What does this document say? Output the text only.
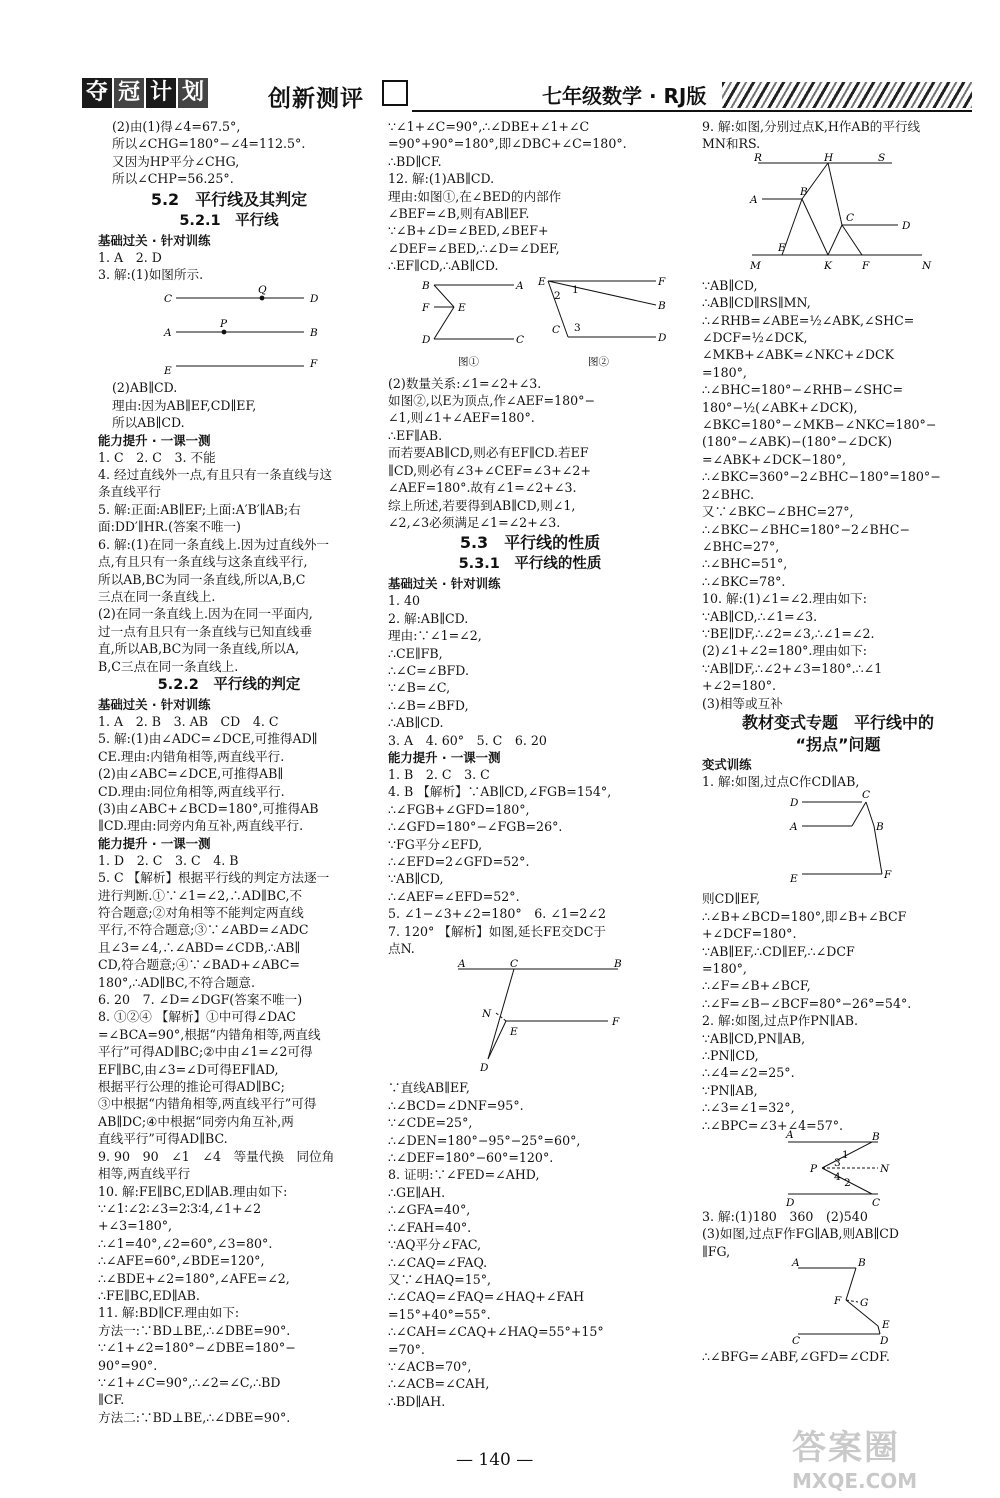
夺 冠 计 划	创新测评	七年级数学 · RJ版
(2)由(1)得∠4=67.5°,
所以∠CHG=180°−∠4=112.5°.
又因为HP平分∠CHG,
所以∠CHP=56.25°.
5.2　平行线及其判定
5.2.1　平行线
基础过关 · 针对训练
1. A　2. D
3. 解:(1)如图所示.
C
Q
D
A
P
B
E
F
(2)AB∥CD.
理由:因为AB∥EF,CD∥EF,
所以AB∥CD.
能力提升 · 一课一测
1. C　2. C　3. 不能
4. 经过直线外一点,有且只有一条直线与这
条直线平行
5. 解:正面:AB∥EF;上面:A′B′∥AB;右
面:DD′∥HR.(答案不唯一)
6. 解:(1)在同一条直线上.因为过直线外一
点,有且只有一条直线与这条直线平行,
所以AB,BC为同一条直线,所以A,B,C
三点在同一条直线上.
(2)在同一条直线上.因为在同一平面内,
过一点有且只有一条直线与已知直线垂
直,所以AB,BC为同一条直线,所以A,
B,C三点在同一条直线上.
5.2.2　平行线的判定
基础过关 · 针对训练
1. A　2. B　3. AB　CD　4. C
5. 解:(1)由∠ADC=∠DCE,可推得AD∥
CE.理由:内错角相等,两直线平行.
(2)由∠ABC=∠DCE,可推得AB∥
CD.理由:同位角相等,两直线平行.
(3)由∠ABC+∠BCD=180°,可推得AB
∥CD.理由:同旁内角互补,两直线平行.
能力提升 · 一课一测
1. D　2. C　3. C　4. B
5. C 【解析】根据平行线的判定方法逐一
进行判断.①∵∠1=∠2,∴AD∥BC,不
符合题意;②对角相等不能判定两直线
平行,不符合题意;③∵∠ABD=∠ADC
且∠3=∠4,∴∠ABD=∠CDB,∴AB∥
CD,符合题意;④∵∠BAD+∠ABC=
180°,∴AD∥BC,不符合题意.
6. 20　7. ∠D=∠DGF(答案不唯一)
8. ①②④ 【解析】①中可得∠DAC
=∠BCA=90°,根据“内错角相等,两直线
平行”可得AD∥BC;②中由∠1=∠2可得
EF∥BC,由∠3=∠D可得EF∥AD,
根据平行公理的推论可得AD∥BC;
③中根据“内错角相等,两直线平行”可得
AB∥DC;④中根据“同旁内角互补,两
直线平行”可得AD∥BC.
9. 90　90　∠1　∠4　等量代换　同位角
相等,两直线平行
10. 解:FE∥BC,ED∥AB.理由如下:
∵∠1∶∠2∶∠3=2∶3∶4,∠1+∠2
+∠3=180°,
∴∠1=40°,∠2=60°,∠3=80°.
∴∠AFE=60°,∠BDE=120°,
∴∠BDE+∠2=180°,∠AFE=∠2,
∴FE∥BC,ED∥AB.
11. 解:BD∥CF.理由如下:
方法一:∵BD⊥BE,∴∠DBE=90°.
∵∠1+∠2=180°−∠DBE=180°−
90°=90°.
∵∠1+∠C=90°,∴∠2=∠C,∴BD
∥CF.
方法二:∵BD⊥BE,∴∠DBE=90°.
∵∠1+∠C=90°,∴∠DBE+∠1+∠C
=90°+90°=180°,即∠DBC+∠C=180°.
∴BD∥CF.
12. 解:(1)AB∥CD.
理由:如图①,在∠BED的内部作
∠BEF=∠B,则有AB∥EF.
∵∠B+∠D=∠BED,∠BEF+
∠DEF=∠BED,∴∠D=∠DEF,
∴EF∥CD,∴AB∥CD.
B	A
F	E
D	C
图①
E	F
B
D
C
2 1
3
图②
(2)数量关系:∠1=∠2+∠3.
如图②,以E为顶点,作∠AEF=180°−
∠1,则∠1+∠AEF=180°.
∴EF∥AB.
而若要AB∥CD,则必有EF∥CD.若EF
∥CD,则必有∠3+∠CEF=∠3+∠2+
∠AEF=180°.故有∠1=∠2+∠3.
综上所述,若要得到AB∥CD,则∠1,
∠2,∠3必须满足∠1=∠2+∠3.
5.3　平行线的性质
5.3.1　平行线的性质
基础过关 · 针对训练
1. 40
2. 解:AB∥CD.
理由:∵∠1=∠2,
∴CE∥FB,
∴∠C=∠BFD.
∵∠B=∠C,
∴∠B=∠BFD,
∴AB∥CD.
3. A　4. 60°　5. C　6. 20
能力提升 · 一课一测
1. B　2. C　3. C
4. B 【解析】∵AB∥CD,∠FGB=154°,
∴∠FGB+∠GFD=180°,
∴∠GFD=180°−∠FGB=26°.
∵FG平分∠EFD,
∴∠EFD=2∠GFD=52°.
∵AB∥CD,
∴∠AEF=∠EFD=52°.
5. ∠1−∠3+∠2=180°　6. ∠1=2∠2
7. 120° 【解析】如图,延长FE交DC于
点N.
A	C	B
N
E
F
D
∵直线AB∥EF,
∴∠BCD=∠DNF=95°.
∵∠CDE=25°,
∴∠DEN=180°−95°−25°=60°,
∴∠DEF=180°−60°=120°.
8. 证明:∵∠FED=∠AHD,
∴GE∥AH.
∴∠GFA=40°,
∴∠FAH=40°.
∵AQ平分∠FAC,
∴∠CAQ=∠FAQ.
又∵∠HAQ=15°,
∴∠CAQ=∠FAQ=∠HAQ+∠FAH
=15°+40°=55°.
∴∠CAH=∠CAQ+∠HAQ=55°+15°
=70°.
∵∠ACB=70°,
∴∠ACB=∠CAH,
∴BD∥AH.
9. 解:如图,分别过点K,H作AB的平行线
MN和RS.
R	H	S
A
B
C
D
E
M	K	F	N
∵AB∥CD,
∴AB∥CD∥RS∥MN,
∴∠RHB=∠ABE=½∠ABK,∠SHC=
∠DCF=½∠DCK,
∠MKB+∠ABK=∠NKC+∠DCK
=180°,
∴∠BHC=180°−∠RHB−∠SHC=
180°−½(∠ABK+∠DCK),
∠BKC=180°−∠MKB−∠NKC=180°−
(180°−∠ABK)−(180°−∠DCK)
=∠ABK+∠DCK−180°,
∴∠BKC=360°−2∠BHC−180°=180°−
2∠BHC.
又∵∠BKC−∠BHC=27°,
∴∠BKC−∠BHC=180°−2∠BHC−
∠BHC=27°,
∴∠BHC=51°,
∴∠BKC=78°.
10. 解:(1)∠1=∠2.理由如下:
∵AB∥CD,∴∠1=∠3.
∵BE∥DF,∴∠2=∠3,∴∠1=∠2.
(2)∠1+∠2=180°.理由如下:
∵AB∥DF,∴∠2+∠3=180°.∴∠1
+∠2=180°.
(3)相等或互补
教材变式专题　平行线中的
“拐点”问题
变式训练
1. 解:如图,过点C作CD∥AB,
D
C
A	B
E	F
则CD∥EF,
∴∠B+∠BCD=180°,即∠B+∠BCF
+∠DCF=180°.
∵AB∥EF,∴CD∥EF,∴∠DCF
=180°,
∴∠F=∠B+∠BCF,
∴∠F=∠B−∠BCF=80°−26°=54°.
2. 解:如图,过点P作PN∥AB.
∵AB∥CD,PN∥AB,
∴PN∥CD,
∴∠4=∠2=25°.
∵PN∥AB,
∴∠3=∠1=32°,
∴∠BPC=∠3+∠4=57°.
A	B
P	N
D	C
1
3
4 2
3. 解:(1)180　360　(2)540
(3)如图,过点F作FG∥AB,则AB∥CD
∥FG,
A	B
F G
E
C	D
∴∠BFG=∠ABF,∠GFD=∠CDF.
— 140 —	答案圈
MXQE.COM
